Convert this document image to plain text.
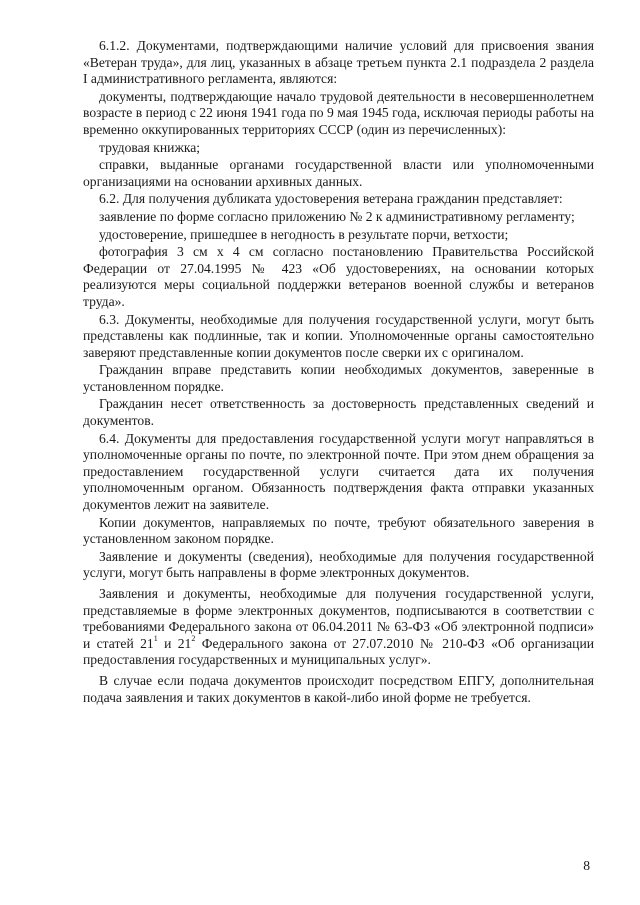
6.1.2. Документами, подтверждающими наличие условий для присвоения звания «Ветеран труда», для лиц, указанных в абзаце третьем пункта 2.1 подраздела 2 раздела I административного регламента, являются:

документы, подтверждающие начало трудовой деятельности в несовершеннолетнем возрасте в период с 22 июня 1941 года по 9 мая 1945 года, исключая периоды работы на временно оккупированных территориях СССР (один из перечисленных):

трудовая книжка;

справки, выданные органами государственной власти или уполномоченными организациями на основании архивных данных.

6.2. Для получения дубликата удостоверения ветерана гражданин представляет:

заявление по форме согласно приложению № 2 к административному регламенту;

удостоверение, пришедшее в негодность в результате порчи, ветхости;

фотография 3 см х 4 см согласно постановлению Правительства Российской Федерации от 27.04.1995 № 423 «Об удостоверениях, на основании которых реализуются меры социальной поддержки ветеранов военной службы и ветеранов труда».

6.3. Документы, необходимые для получения государственной услуги, могут быть представлены как подлинные, так и копии. Уполномоченные органы самостоятельно заверяют представленные копии документов после сверки их с оригиналом.

Гражданин вправе представить копии необходимых документов, заверенные в установленном порядке.

Гражданин несет ответственность за достоверность представленных сведений и документов.

6.4. Документы для предоставления государственной услуги могут направляться в уполномоченные органы по почте, по электронной почте. При этом днем обращения за предоставлением государственной услуги считается дата их получения уполномоченным органом. Обязанность подтверждения факта отправки указанных документов лежит на заявителе.

Копии документов, направляемых по почте, требуют обязательного заверения в установленном законом порядке.

Заявление и документы (сведения), необходимые для получения государственной услуги, могут быть направлены в форме электронных документов.

Заявления и документы, необходимые для получения государственной услуги, представляемые в форме электронных документов, подписываются в соответствии с требованиями Федерального закона от 06.04.2011 № 63-ФЗ «Об электронной подписи» и статей $21^1$ и $21^2$ Федерального закона от 27.07.2010 № 210-ФЗ «Об организации предоставления государственных и муниципальных услуг».

В случае если подача документов происходит посредством ЕПГУ, дополнительная подача заявления и таких документов в какой-либо иной форме не требуется.

8
